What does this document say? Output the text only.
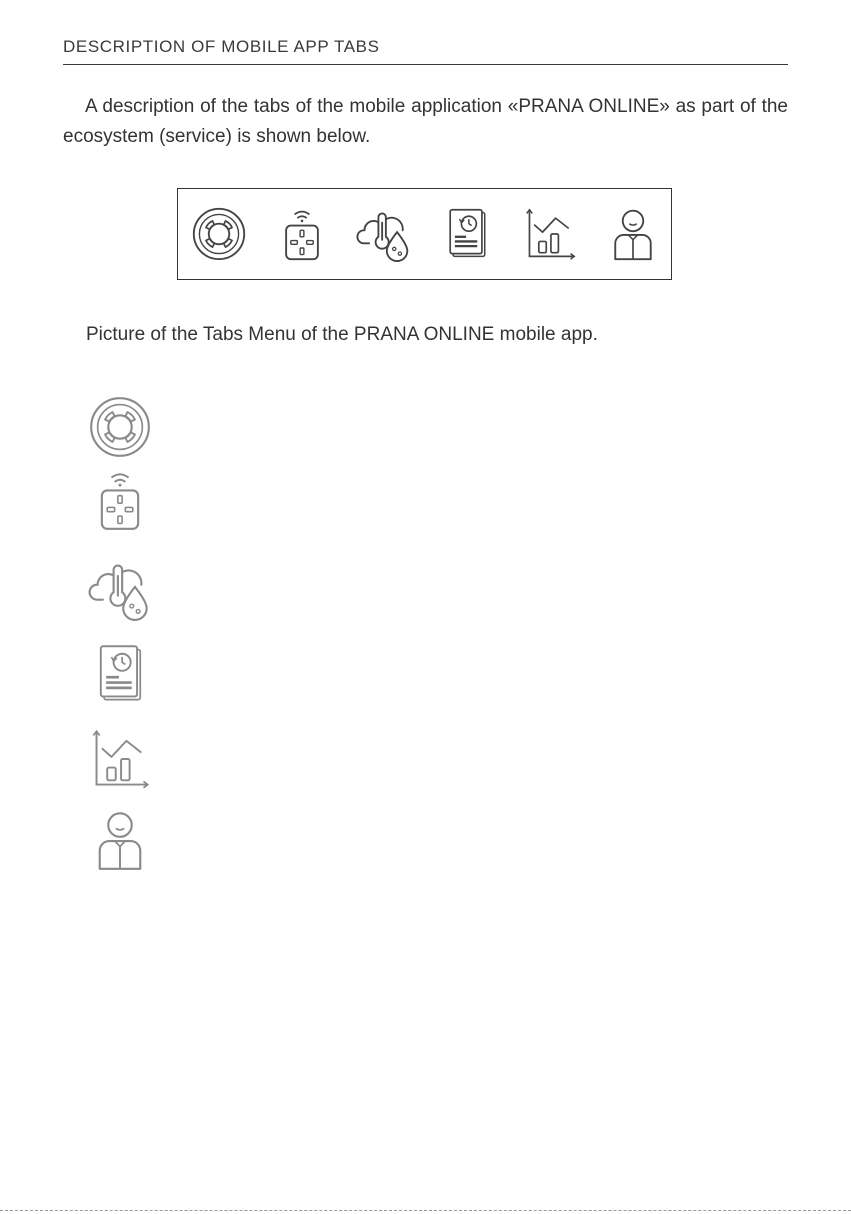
DESCRIPTION OF MOBILE APP TABS

A description of the tabs of the mobile application «PRANA ONLINE» as part of the ecosystem (service) is shown below.

Picture of the Tabs Menu of the PRANA ONLINE mobile app.
